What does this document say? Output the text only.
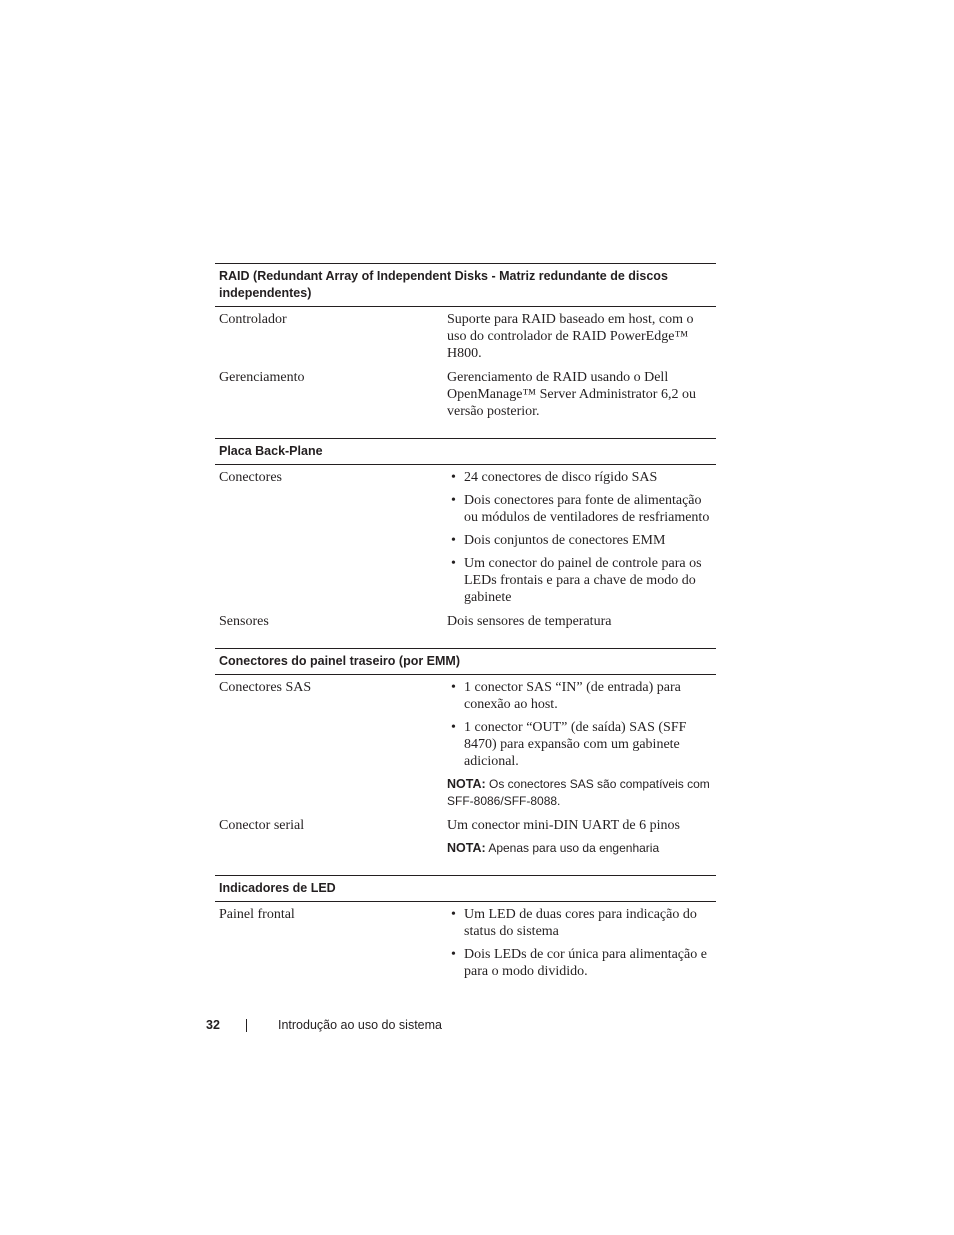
RAID (Redundant Array of Independent Disks - Matriz redundante de discos independentes)
Controlador	Suporte para RAID baseado em host, com o uso do controlador de RAID PowerEdge™ H800.
Gerenciamento	Gerenciamento de RAID usando o Dell OpenManage™ Server Administrator 6,2 ou versão posterior.
Placa Back-Plane
Conectores	• 24 conectores de disco rígido SAS
• Dois conectores para fonte de alimentação ou módulos de ventiladores de resfriamento
• Dois conjuntos de conectores EMM
• Um conector do painel de controle para os LEDs frontais e para a chave de modo do gabinete
Sensores	Dois sensores de temperatura
Conectores do painel traseiro (por EMM)
Conectores SAS	• 1 conector SAS “IN” (de entrada) para conexão ao host.
• 1 conector “OUT” (de saída) SAS (SFF 8470) para expansão com um gabinete adicional.
NOTA: Os conectores SAS são compatíveis com SFF-8086/SFF-8088.
Conector serial	Um conector mini-DIN UART de 6 pinos
NOTA: Apenas para uso da engenharia
Indicadores de LED
Painel frontal	• Um LED de duas cores para indicação do status do sistema
• Dois LEDs de cor única para alimentação e para o modo dividido.
32	Introdução ao uso do sistema
